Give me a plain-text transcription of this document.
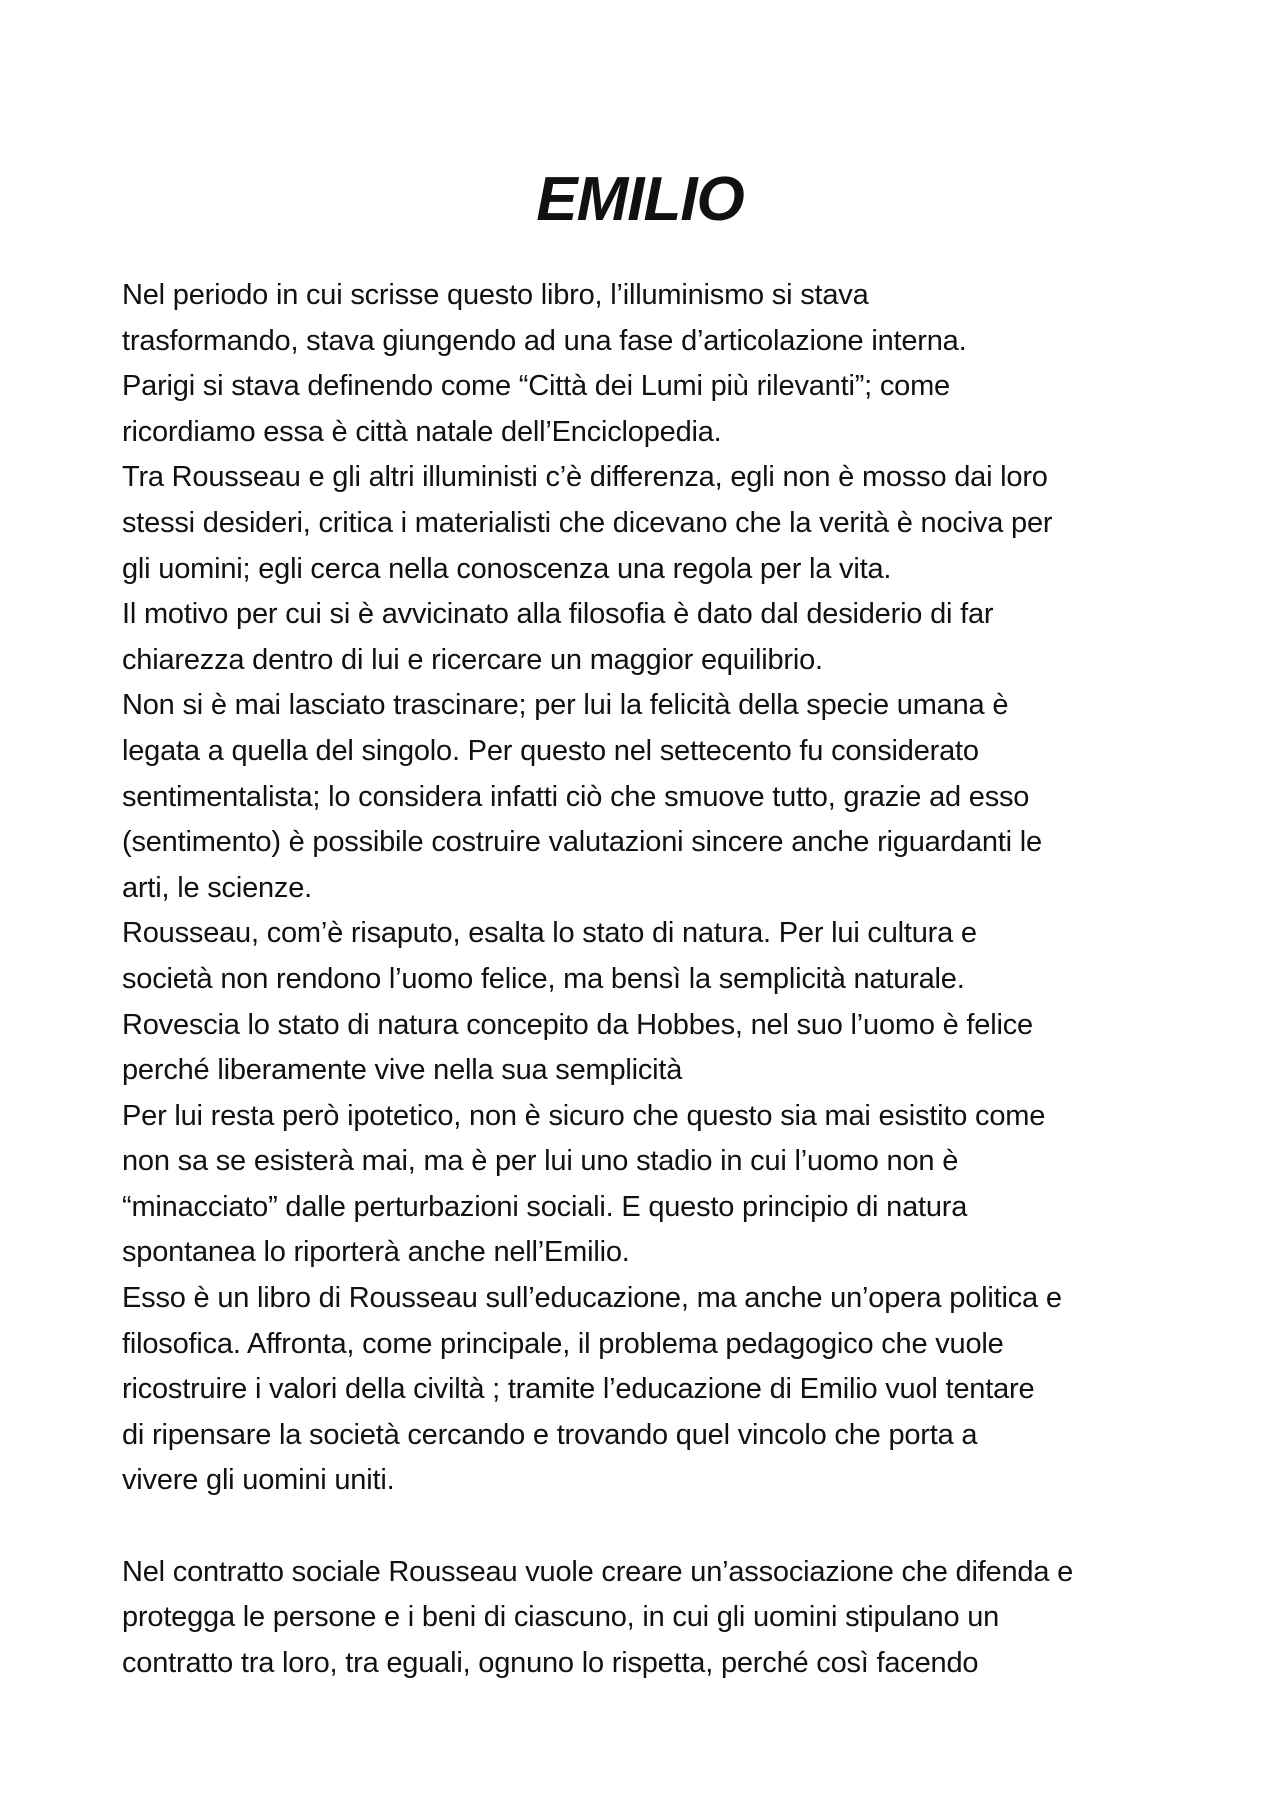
EMILIO
Nel periodo in cui scrisse questo libro, l’illuminismo si stava
trasformando, stava giungendo ad una fase d’articolazione interna.
Parigi si stava definendo come “Città dei Lumi più rilevanti”; come
ricordiamo essa è città natale dell’Enciclopedia.
Tra Rousseau e gli altri illuministi c’è differenza, egli non è mosso dai loro
stessi desideri, critica i materialisti che dicevano che la verità è nociva per
gli uomini; egli cerca nella conoscenza una regola per la vita.
Il motivo per cui si è avvicinato alla filosofia è dato dal desiderio di far
chiarezza dentro di lui e ricercare un maggior equilibrio.
Non si è mai lasciato trascinare; per lui la felicità della specie umana è
legata a quella del singolo. Per questo nel settecento fu considerato
sentimentalista; lo considera infatti ciò che smuove tutto, grazie ad esso
(sentimento) è possibile costruire valutazioni sincere anche riguardanti le
arti, le scienze.
Rousseau, com’è risaputo, esalta lo stato di natura. Per lui cultura e
società non rendono l’uomo felice, ma bensì la semplicità naturale.
Rovescia lo stato di natura concepito da Hobbes, nel suo l’uomo è felice
perché liberamente vive nella sua semplicità
Per lui resta però ipotetico, non è sicuro che questo sia mai esistito come
non sa se esisterà mai, ma è per lui uno stadio in cui l’uomo non è
“minacciato” dalle perturbazioni sociali. E questo principio di natura
spontanea lo riporterà anche nell’Emilio.
Esso è un libro di Rousseau sull’educazione, ma anche un’opera politica e
filosofica. Affronta, come principale, il problema pedagogico che vuole
ricostruire i valori della civiltà ; tramite l’educazione di Emilio vuol tentare
di ripensare la società cercando e trovando quel vincolo che porta a
vivere gli uomini uniti.
Nel contratto sociale Rousseau vuole creare un’associazione che difenda e
protegga le persone e i beni di ciascuno, in cui gli uomini stipulano un
contratto tra loro, tra eguali, ognuno lo rispetta, perché così facendo
